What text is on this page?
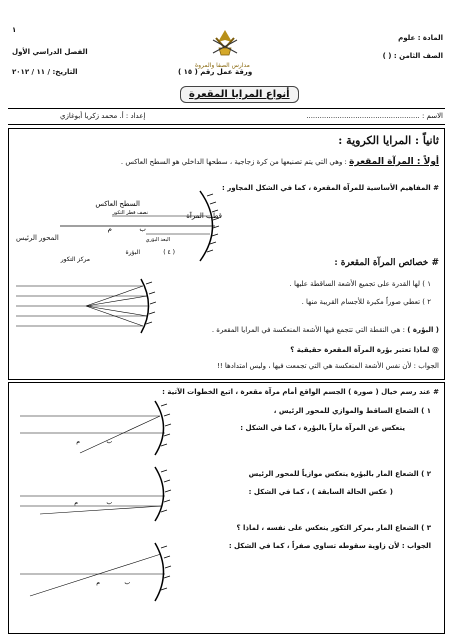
١
المادة : علوم
الصف الثامن : ( )
الفصل الدراسي الأول
التاريخ: / ١١ / ٢٠١٢	ورقة عمل رقم ( ١٥ )
مدارس الصفا والمروة
أنواع المرايا المقعرة
الاسم : ...................................................
إعداد : أ. محمد زكريا أبوغازي
ثانياً : المرايا الكروية :
أولاً : المرآة المقعرة : وهي التي يتم تصنيعها من كرة زجاجية ، سطحها الداخلي هو السطح العاكس .
# المفاهيم الأساسية للمرآة المقعرة ، كما في الشكل المجاور :
م	ب
السطح العاكس
قطب المرآة
نصف قطر التكور
البعد البؤري
البؤرة
مركز التكور
( ٤ )
المحور الرئيس
# خصائص المرآة المقعرة :
١ ) لها القدرة على تجميع الأشعة الساقطة عليها .
٢ ) تعطي صوراً مكبرة للأجسام القريبة منها .
( البؤرة ) : هي النقطة التي تتجمع فيها الأشعة المنعكسة في المرايا المقعرة .
@ لماذا تعتبر بؤرة المرآة المقعرة حقيقية ؟
الجواب : لأن نفس الأشعة المنعكسة هي التي تجمعت فيها ، وليس امتدادها !!
# عند رسم خيال ( صورة ) الجسم الواقع أمام مرآة مقعرة ، اتبع الخطوات الآتية :
١ ) الشعاع الساقط والموازي للمحور الرئيس ،
ينعكس عن المرآة ماراً بالبؤرة ، كما في الشكل :
٢ ) الشعاع المار بالبؤرة ينعكس موازياً للمحور الرئيس
( عكس الحالة السابقة ) ، كما في الشكل :
٣ ) الشعاع المار بمركز التكور ينعكس على نفسه ، لماذا ؟
الجواب : لأن زاوية سقوطه تساوي صفراً ، كما في الشكل :
م	ب
م	ب
م	ب
